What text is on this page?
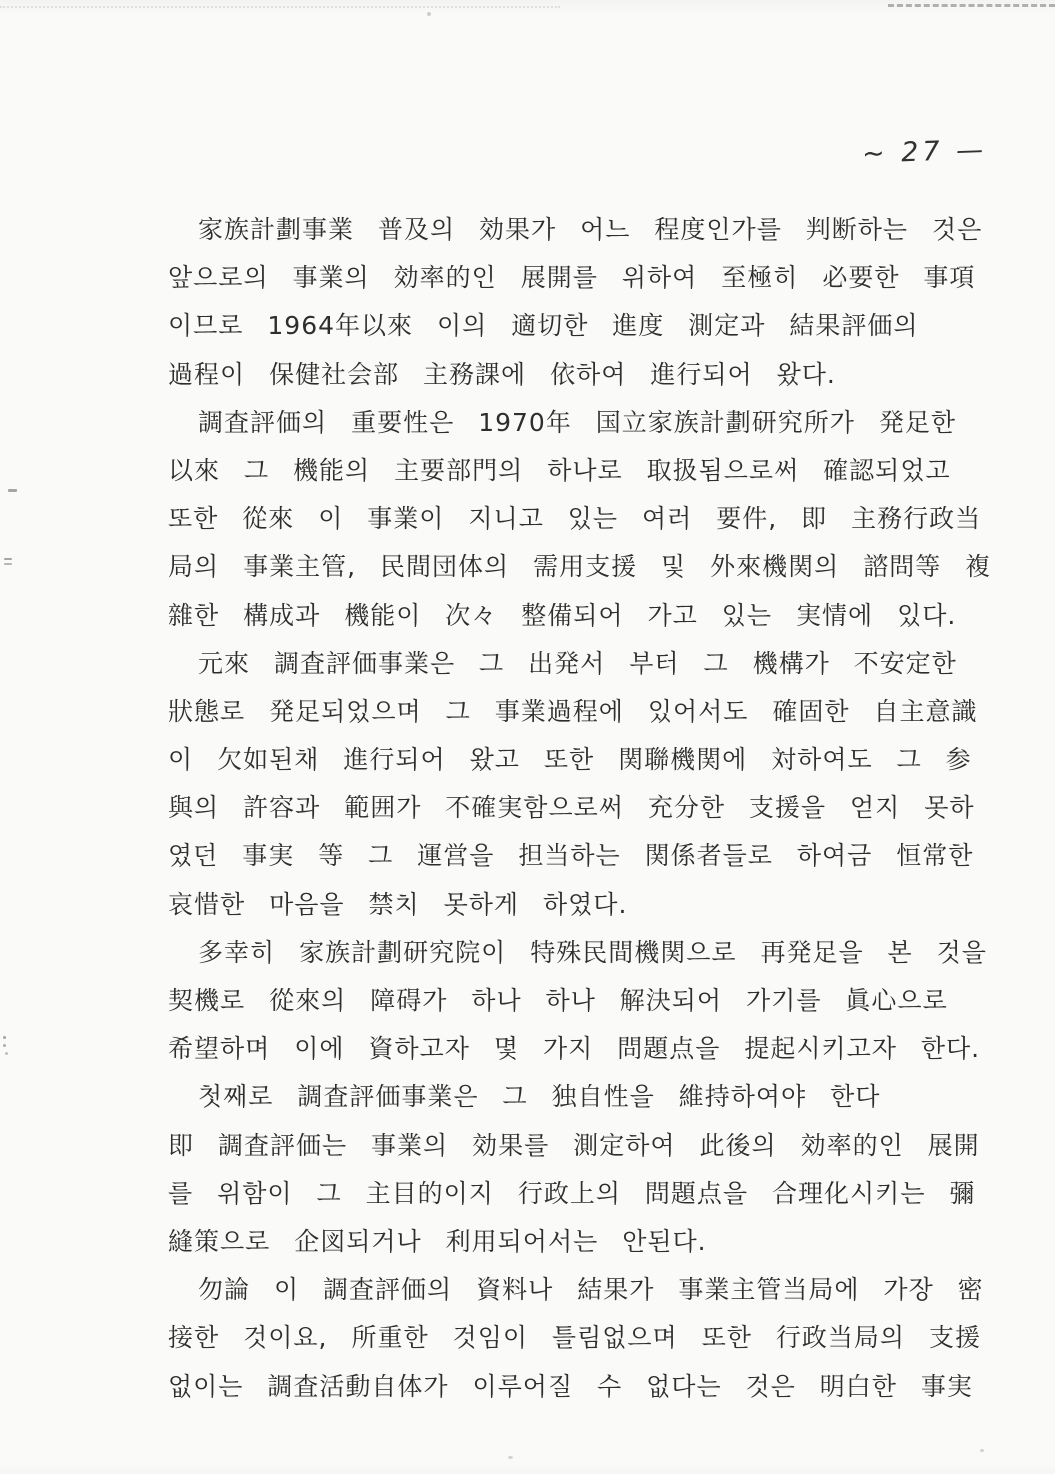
~ 27 —
家族計劃事業 普及의 効果가 어느 程度인가를 判断하는 것은
앞으로의 事業의 効率的인 展開를 위하여 至極히 必要한 事項
이므로 1964年以來 이의 適切한 進度 測定과 結果評価의
過程이 保健社会部 主務課에 依하여 進行되어 왔다.
調査評価의 重要性은 1970年 国立家族計劃研究所가 発足한
以來 그 機能의 主要部門의 하나로 取扱됨으로써 確認되었고
또한 從來 이 事業이 지니고 있는 여러 要件, 即 主務行政当
局의 事業主管, 民間団体의 需用支援 및 外來機関의 諮問等 複
雜한 構成과 機能이 次々 整備되어 가고 있는 実情에 있다.
元來 調査評価事業은 그 出発서 부터 그 機構가 不安定한
狀態로 発足되었으며 그 事業過程에 있어서도 確固한 自主意識
이 欠如된채 進行되어 왔고 또한 関聯機関에 対하여도 그 参
與의 許容과 範囲가 不確実함으로써 充分한 支援을 얻지 못하
였던 事実 等 그 運営을 担当하는 関係者들로 하여금 恒常한
哀惜한 마음을 禁치 못하게 하였다.
多幸히 家族計劃研究院이 特殊民間機関으로 再発足을 본 것을
契機로 從來의 障碍가 하나 하나 解決되어 가기를 眞心으로
希望하며 이에 資하고자 몇 가지 問題点을 提起시키고자 한다.
첫째로 調査評価事業은 그 独自性을 維持하여야 한다
即 調査評価는 事業의 効果를 測定하여 此後의 効率的인 展開
를 위함이 그 主目的이지 行政上의 問題点을 合理化시키는 彌
縫策으로 企図되거나 利用되어서는 안된다.
勿論 이 調査評価의 資料나 結果가 事業主管当局에 가장 密
接한 것이요, 所重한 것임이 틀림없으며 또한 行政当局의 支援
없이는 調査活動自体가 이루어질 수 없다는 것은 明白한 事実
